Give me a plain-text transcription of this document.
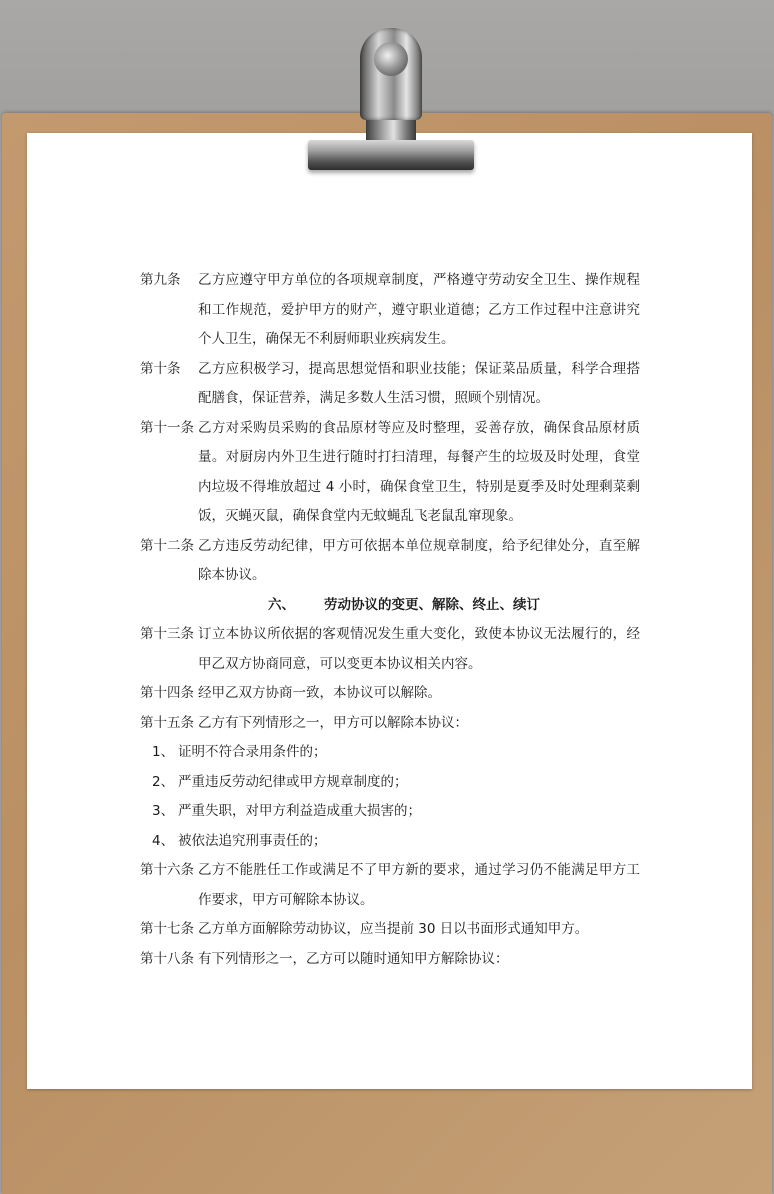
第九条	乙方应遵守甲方单位的各项规章制度，严格遵守劳动安全卫生、操作规程和工作规范，爱护甲方的财产，遵守职业道德；乙方工作过程中注意讲究个人卫生，确保无不利厨师职业疾病发生。
第十条	乙方应积极学习，提高思想觉悟和职业技能；保证菜品质量，科学合理搭配膳食，保证营养，满足多数人生活习惯，照顾个别情况。
第十一条 乙方对采购员采购的食品原材等应及时整理，妥善存放，确保食品原材质量。对厨房内外卫生进行随时打扫清理，每餐产生的垃圾及时处理，食堂内垃圾不得堆放超过 4 小时，确保食堂卫生，特别是夏季及时处理剩菜剩饭，灭蝇灭鼠，确保食堂内无蚊蝇乱飞老鼠乱窜现象。
第十二条 乙方违反劳动纪律，甲方可依据本单位规章制度，给予纪律处分，直至解除本协议。
六、 劳动协议的变更、解除、终止、续订
第十三条 订立本协议所依据的客观情况发生重大变化，致使本协议无法履行的，经甲乙双方协商同意，可以变更本协议相关内容。
第十四条 经甲乙双方协商一致，本协议可以解除。
第十五条 乙方有下列情形之一，甲方可以解除本协议：
1、 证明不符合录用条件的；
2、 严重违反劳动纪律或甲方规章制度的；
3、 严重失职，对甲方利益造成重大损害的；
4、 被依法追究刑事责任的；
第十六条 乙方不能胜任工作或满足不了甲方新的要求，通过学习仍不能满足甲方工作要求，甲方可解除本协议。
第十七条 乙方单方面解除劳动协议，应当提前 30 日以书面形式通知甲方。
第十八条 有下列情形之一，乙方可以随时通知甲方解除协议：
